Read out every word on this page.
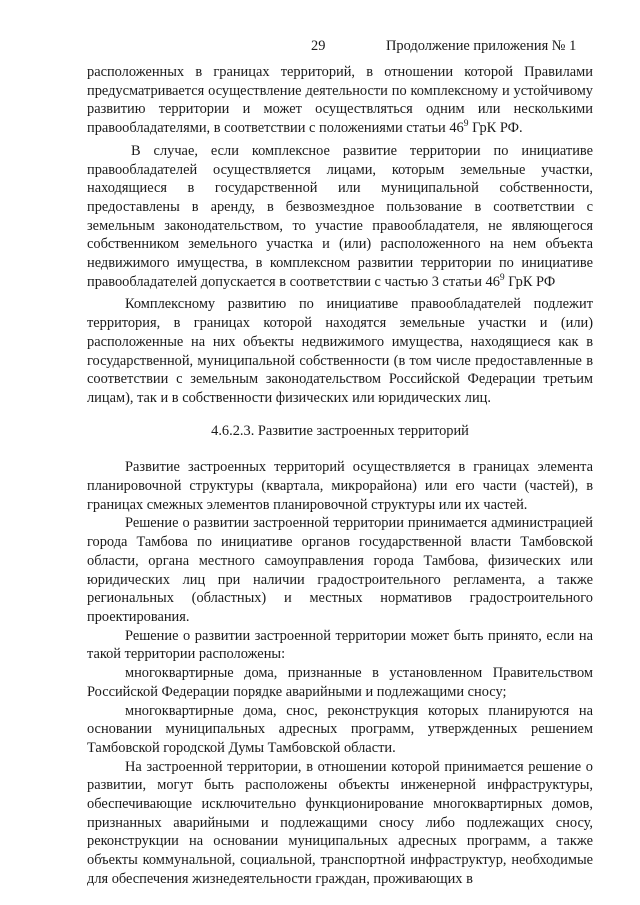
29	Продолжение приложения № 1

расположенных в границах территорий, в отношении которой Правилами предусматривается осуществление деятельности по комплексному и устойчивому развитию территории и может осуществляться одним или несколькими правообладателями, в соответствии с положениями статьи $46^9$ ГрК РФ.

В случае, если комплексное развитие территории по инициативе правообладателей осуществляется лицами, которым земельные участки, находящиеся в государственной или муниципальной собственности, предоставлены в аренду, в безвозмездное пользование в соответствии с земельным законодательством, то участие правообладателя, не являющегося собственником земельного участка и (или) расположенного на нем объекта недвижимого имущества, в комплексном развитии территории по инициативе правообладателей допускается в соответствии с частью 3 статьи $46^9$ ГрК РФ

Комплексному развитию по инициативе правообладателей подлежит территория, в границах которой находятся земельные участки и (или) расположенные на них объекты недвижимого имущества, находящиеся как в государственной, муниципальной собственности (в том числе предоставленные в соответствии с земельным законодательством Российской Федерации третьим лицам), так и в собственности физических или юридических лиц.

4.6.2.3. Развитие застроенных территорий

Развитие застроенных территорий осуществляется в границах элемента планировочной структуры (квартала, микрорайона) или его части (частей), в границах смежных элементов планировочной структуры или их частей.

Решение о развитии застроенной территории принимается администрацией города Тамбова по инициативе органов государственной власти Тамбовской области, органа местного самоуправления города Тамбова, физических или юридических лиц при наличии градостроительного регламента, а также региональных (областных) и местных нормативов градостроительного проектирования.

Решение о развитии застроенной территории может быть принято, если на такой территории расположены:

многоквартирные дома, признанные в установленном Правительством Российской Федерации порядке аварийными и подлежащими сносу;

многоквартирные дома, снос, реконструкция которых планируются на основании муниципальных адресных программ, утвержденных решением Тамбовской городской Думы Тамбовской области.

На застроенной территории, в отношении которой принимается решение о развитии, могут быть расположены объекты инженерной инфраструктуры, обеспечивающие исключительно функционирование многоквартирных домов, признанных аварийными и подлежащими сносу либо подлежащих сносу, реконструкции на основании муниципальных адресных программ, а также объекты коммунальной, социальной, транспортной инфраструктур, необходимые для обеспечения жизнедеятельности граждан, проживающих в
